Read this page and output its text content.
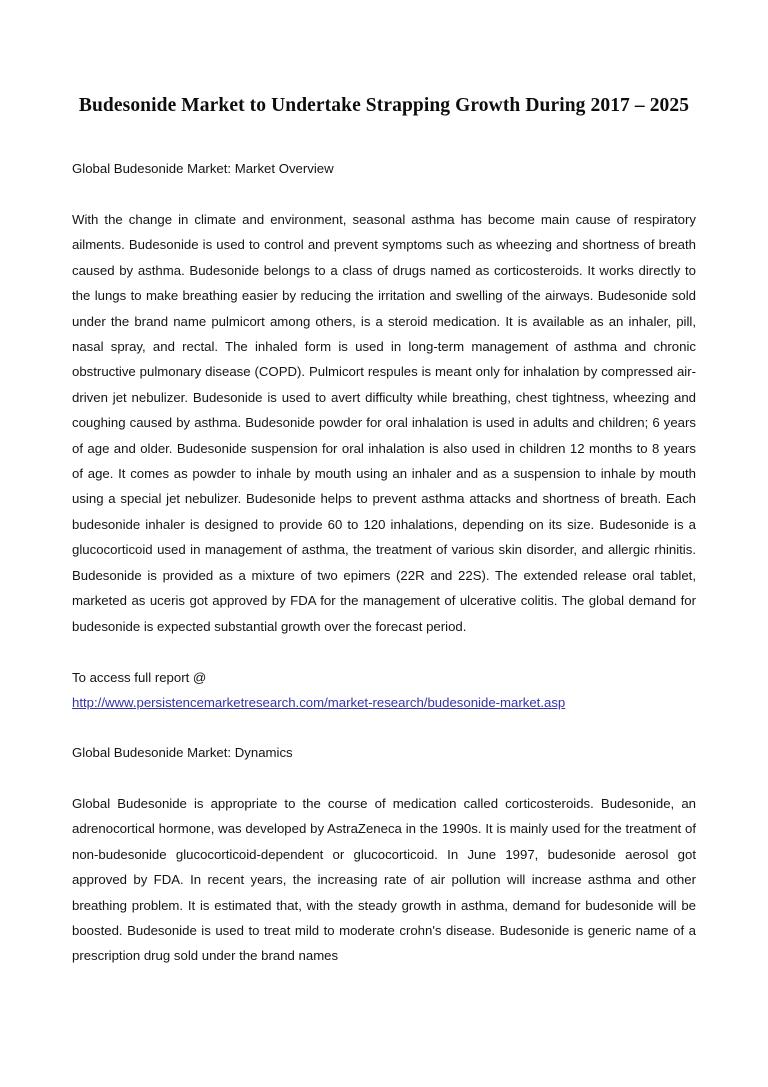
Budesonide Market to Undertake Strapping Growth During 2017 – 2025

Global Budesonide Market: Market Overview

With the change in climate and environment, seasonal asthma has become main cause of respiratory ailments. Budesonide is used to control and prevent symptoms such as wheezing and shortness of breath caused by asthma. Budesonide belongs to a class of drugs named as corticosteroids. It works directly to the lungs to make breathing easier by reducing the irritation and swelling of the airways. Budesonide sold under the brand name pulmicort among others, is a steroid medication. It is available as an inhaler, pill, nasal spray, and rectal. The inhaled form is used in long-term management of asthma and chronic obstructive pulmonary disease (COPD). Pulmicort respules is meant only for inhalation by compressed air-driven jet nebulizer. Budesonide is used to avert difficulty while breathing, chest tightness, wheezing and coughing caused by asthma. Budesonide powder for oral inhalation is used in adults and children; 6 years of age and older. Budesonide suspension for oral inhalation is also used in children 12 months to 8 years of age. It comes as powder to inhale by mouth using an inhaler and as a suspension to inhale by mouth using a special jet nebulizer. Budesonide helps to prevent asthma attacks and shortness of breath. Each budesonide inhaler is designed to provide 60 to 120 inhalations, depending on its size. Budesonide is a glucocorticoid used in management of asthma, the treatment of various skin disorder, and allergic rhinitis. Budesonide is provided as a mixture of two epimers (22R and 22S). The extended release oral tablet, marketed as uceris got approved by FDA for the management of ulcerative colitis. The global demand for budesonide is expected substantial growth over the forecast period.

To access full report @

http://www.persistencemarketresearch.com/market-research/budesonide-market.asp

Global Budesonide Market: Dynamics

Global Budesonide is appropriate to the course of medication called corticosteroids. Budesonide, an adrenocortical hormone, was developed by AstraZeneca in the 1990s. It is mainly used for the treatment of non-budesonide glucocorticoid-dependent or glucocorticoid. In June 1997, budesonide aerosol got approved by FDA. In recent years, the increasing rate of air pollution will increase asthma and other breathing problem. It is estimated that, with the steady growth in asthma, demand for budesonide will be boosted. Budesonide is used to treat mild to moderate crohn's disease. Budesonide is generic name of a prescription drug sold under the brand names
